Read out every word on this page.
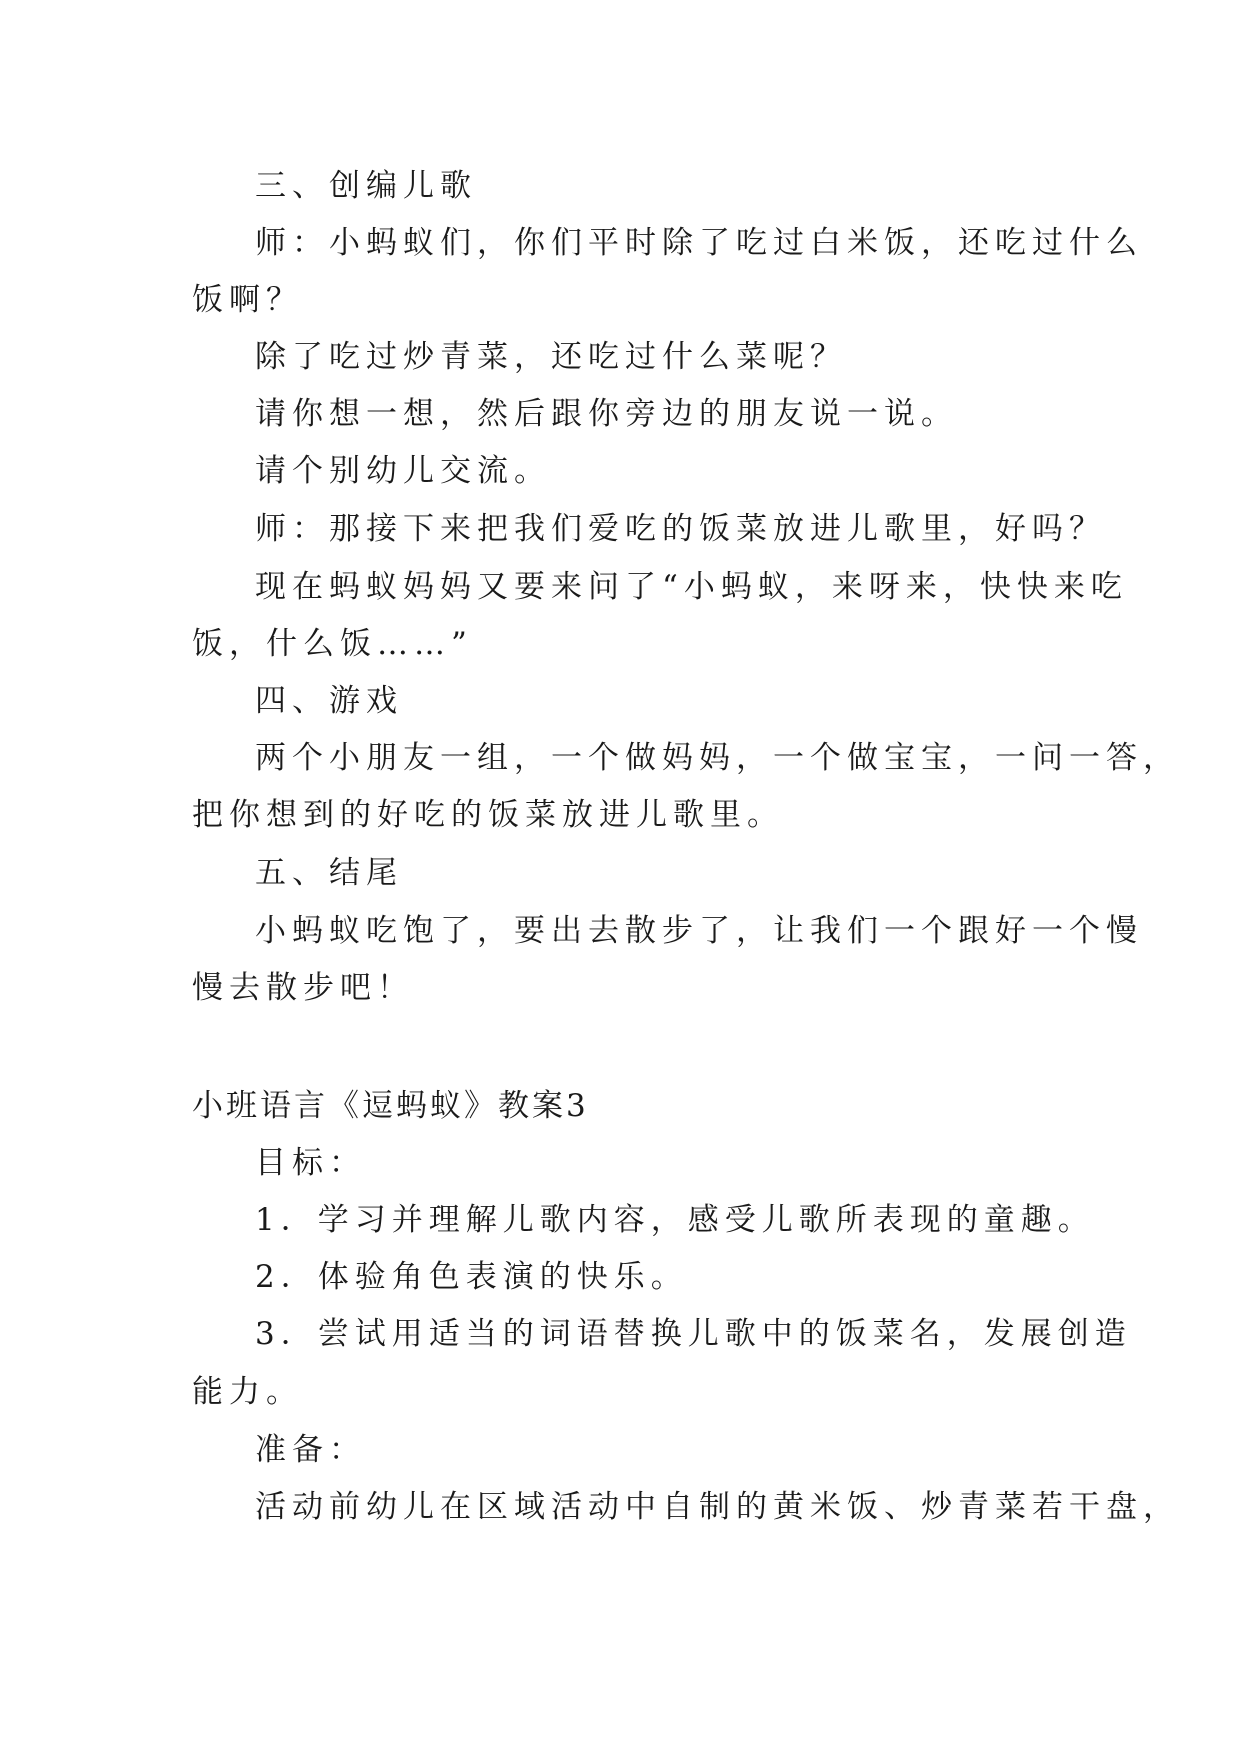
三、创编儿歌
师：小蚂蚁们，你们平时除了吃过白米饭，还吃过什么
饭啊？
除了吃过炒青菜，还吃过什么菜呢？
请你想一想，然后跟你旁边的朋友说一说。
请个别幼儿交流。
师：那接下来把我们爱吃的饭菜放进儿歌里，好吗？
现在蚂蚁妈妈又要来问了“小蚂蚁，来呀来，快快来吃
饭，什么饭……”
四、游戏
两个小朋友一组，一个做妈妈，一个做宝宝，一问一答，
把你想到的好吃的饭菜放进儿歌里。
五、结尾
小蚂蚁吃饱了，要出去散步了，让我们一个跟好一个慢
慢去散步吧！
小班语言《逗蚂蚁》教案3
目标：
1．学习并理解儿歌内容，感受儿歌所表现的童趣。
2．体验角色表演的快乐。
3．尝试用适当的词语替换儿歌中的饭菜名，发展创造
能力。
准备：
活动前幼儿在区域活动中自制的黄米饭、炒青菜若干盘，
